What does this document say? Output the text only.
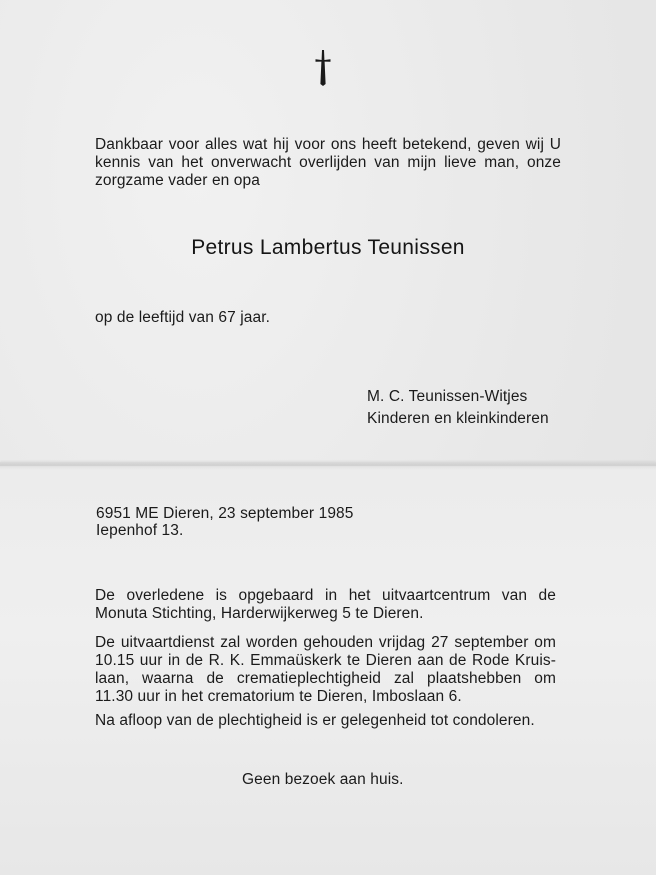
Dankbaar voor alles wat hij voor ons heeft betekend, geven wij U
kennis van het onverwacht overlijden van mijn lieve man, onze
zorgzame vader en opa
Petrus Lambertus Teunissen
op de leeftijd van 67 jaar.
M. C. Teunissen-Witjes
Kinderen en kleinkinderen
6951 ME Dieren, 23 september 1985
Iepenhof 13.
De overledene is opgebaard in het uitvaartcentrum van de
Monuta Stichting, Harderwijkerweg 5 te Dieren.
De uitvaartdienst zal worden gehouden vrijdag 27 september om
10.15 uur in de R. K. Emmaüskerk te Dieren aan de Rode Kruis-
laan, waarna de crematieplechtigheid zal plaatshebben om
11.30 uur in het crematorium te Dieren, Imboslaan 6.
Na afloop van de plechtigheid is er gelegenheid tot condoleren.
Geen bezoek aan huis.
